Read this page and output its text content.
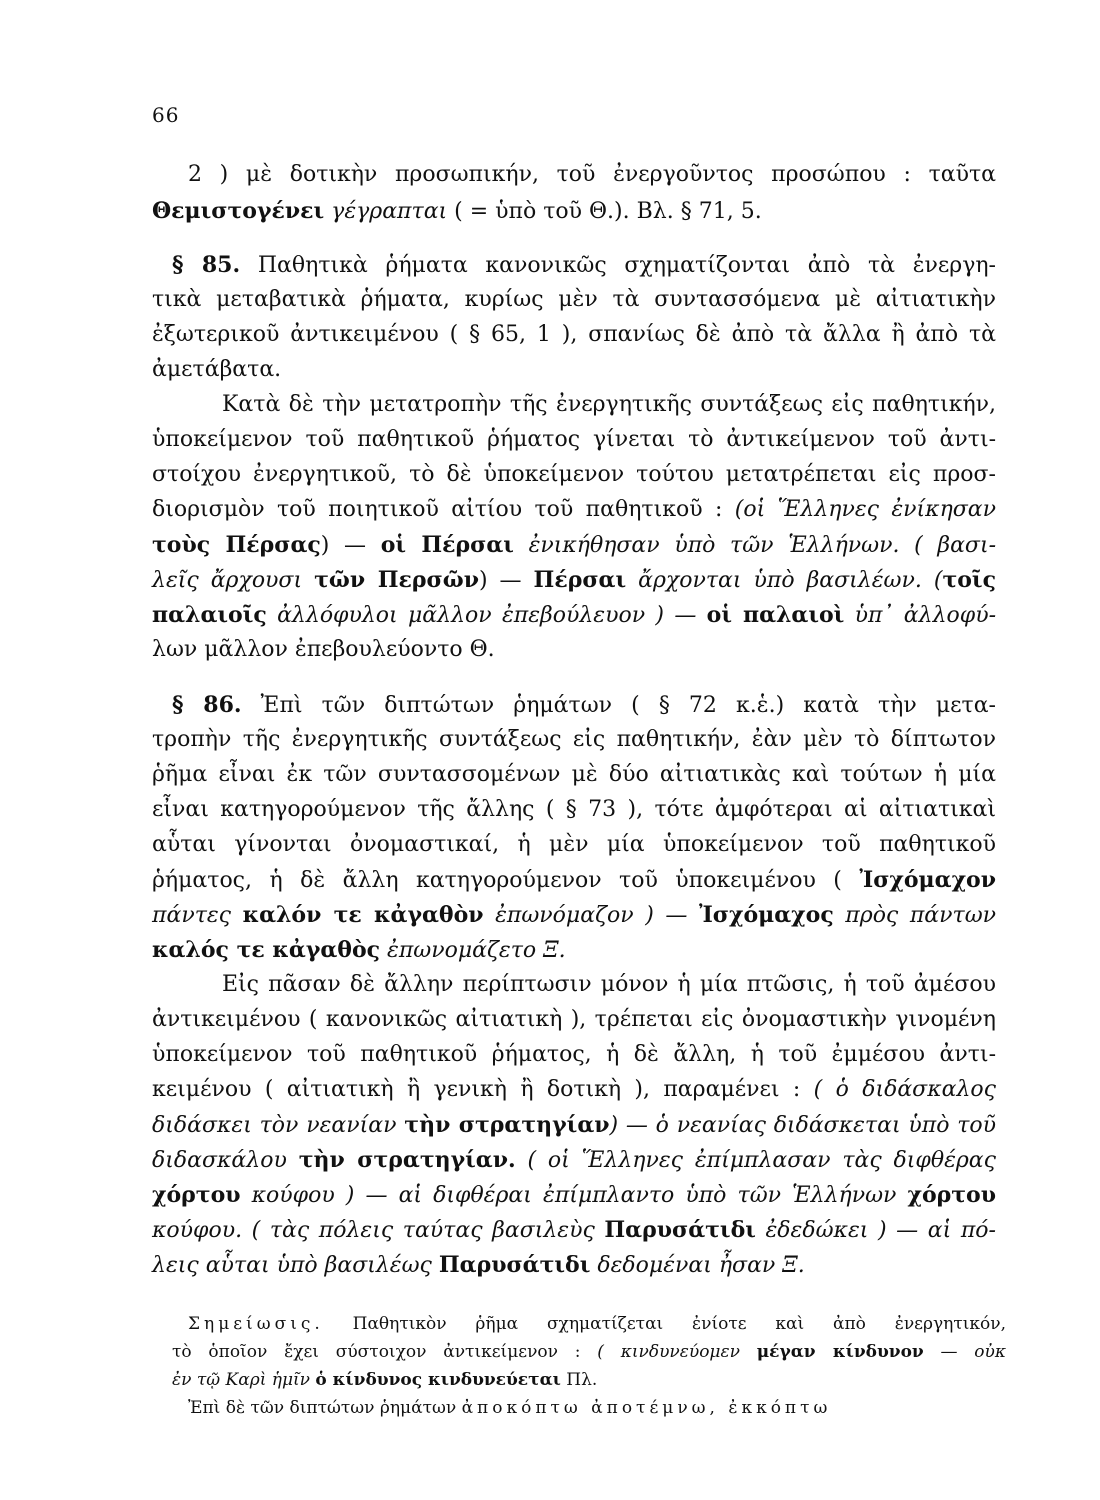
66
2 ) μὲ δοτικὴν προσωπικήν, τοῦ ἐνεργοῦντος προσώπου : ταῦτα
Θεμιστογένει γέγραπται ( = ὑπὸ τοῦ Θ.). Βλ. § 71, 5.
§ 85. Παθητικὰ ῥήματα κανονικῶς σχηματίζονται ἀπὸ τὰ ἐνεργη-
τικὰ μεταβατικὰ ῥήματα, κυρίως μὲν τὰ συντασσόμενα μὲ αἰτιατικὴν
ἐξωτερικοῦ ἀντικειμένου ( § 65, 1 ), σπανίως δὲ ἀπὸ τὰ ἄλλα ἢ ἀπὸ τὰ
ἀμετάβατα.
Κατὰ δὲ τὴν μετατροπὴν τῆς ἐνεργητικῆς συντάξεως εἰς παθητικήν,
ὑποκείμενον τοῦ παθητικοῦ ῥήματος γίνεται τὸ ἀντικείμενον τοῦ ἀντι-
στοίχου ἐνεργητικοῦ, τὸ δὲ ὑποκείμενον τούτου μετατρέπεται εἰς προσ-
διορισμὸν τοῦ ποιητικοῦ αἰτίου τοῦ παθητικοῦ : (οἱ Ἕλληνες ἐνίκησαν
τοὺς Πέρσας) — οἱ Πέρσαι ἐνικήθησαν ὑπὸ τῶν Ἑλλήνων. ( βασι-
λεῖς ἄρχουσι τῶν Περσῶν) — Πέρσαι ἄρχονται ὑπὸ βασιλέων. (τοῖς
παλαιοῖς ἀλλόφυλοι μᾶλλον ἐπεβούλευον ) — οἱ παλαιοὶ ὑπ᾽ ἀλλοφύ-
λων μᾶλλον ἐπεβουλεύοντο Θ.
§ 86. Ἐπὶ τῶν διπτώτων ῥημάτων ( § 72 κ.ἑ.) κατὰ τὴν μετα-
τροπὴν τῆς ἐνεργητικῆς συντάξεως εἰς παθητικήν, ἐὰν μὲν τὸ δίπτωτον
ῥῆμα εἶναι ἐκ τῶν συντασσομένων μὲ δύο αἰτιατικὰς καὶ τούτων ἡ μία
εἶναι κατηγορούμενον τῆς ἄλλης ( § 73 ), τότε ἀμφότεραι αἱ αἰτιατικαὶ
αὗται γίνονται ὀνομαστικαί, ἡ μὲν μία ὑποκείμενον τοῦ παθητικοῦ
ῥήματος, ἡ δὲ ἄλλη κατηγορούμενον τοῦ ὑποκειμένου ( Ἰσχόμαχον
πάντες καλόν τε κἀγαθὸν ἐπωνόμαζον ) — Ἰσχόμαχος πρὸς πάντων
καλός τε κἀγαθὸς ἐπωνομάζετο Ξ.
Εἰς πᾶσαν δὲ ἄλλην περίπτωσιν μόνον ἡ μία πτῶσις, ἡ τοῦ ἀμέσου
ἀντικειμένου ( κανονικῶς αἰτιατικὴ ), τρέπεται εἰς ὀνομαστικὴν γινομένη
ὑποκείμενον τοῦ παθητικοῦ ῥήματος, ἡ δὲ ἄλλη, ἡ τοῦ ἐμμέσου ἀντι-
κειμένου ( αἰτιατικὴ ἢ γενικὴ ἢ δοτικὴ ), παραμένει : ( ὁ διδάσκαλος
διδάσκει τὸν νεανίαν τὴν στρατηγίαν) — ὁ νεανίας διδάσκεται ὑπὸ τοῦ
διδασκάλου τὴν στρατηγίαν. ( οἱ Ἕλληνες ἐπίμπλασαν τὰς διφθέρας
χόρτου κούφου ) — αἱ διφθέραι ἐπίμπλαντο ὑπὸ τῶν Ἑλλήνων χόρτου
κούφου. ( τὰς πόλεις ταύτας βασιλεὺς Παρυσάτιδι ἐδεδώκει ) — αἱ πό-
λεις αὗται ὑπὸ βασιλέως Παρυσάτιδι δεδομέναι ἦσαν Ξ.
Σημείωσις. Παθητικὸν ῥῆμα σχηματίζεται ἐνίοτε καὶ ἀπὸ ἐνεργητικόν,
τὸ ὁποῖον ἔχει σύστοιχον ἀντικείμενον : ( κινδυνεύομεν μέγαν κίνδυνον — οὐκ
ἐν τῷ Καρὶ ἡμῖν ὁ κίνδυνος κινδυνεύεται Πλ.
Ἐπὶ δὲ τῶν διπτώτων ῥημάτων ἀποκόπτω ἀποτέμνω, ἐκκόπτω
